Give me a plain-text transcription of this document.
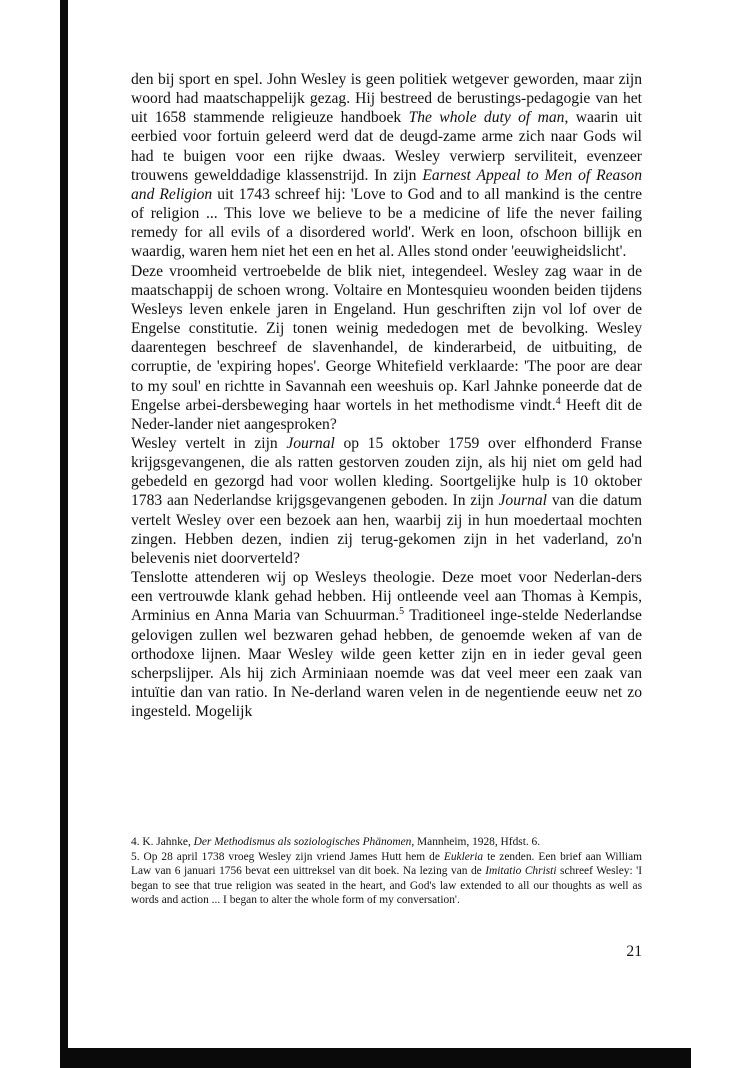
den bij sport en spel. John Wesley is geen politiek wetgever geworden, maar zijn woord had maatschappelijk gezag. Hij bestreed de berustings-pedagogie van het uit 1658 stammende religieuze handboek The whole duty of man, waarin uit eerbied voor fortuin geleerd werd dat de deugd-zame arme zich naar Gods wil had te buigen voor een rijke dwaas. Wesley verwierp serviliteit, evenzeer trouwens gewelddadige klassenstrijd. In zijn Earnest Appeal to Men of Reason and Religion uit 1743 schreef hij: 'Love to God and to all mankind is the centre of religion ... This love we believe to be a medicine of life the never failing remedy for all evils of a disordered world'. Werk en loon, ofschoon billijk en waardig, waren hem niet het een en het al. Alles stond onder 'eeuwigheidslicht'.

Deze vroomheid vertroebelde de blik niet, integendeel. Wesley zag waar in de maatschappij de schoen wrong. Voltaire en Montesquieu woonden beiden tijdens Wesleys leven enkele jaren in Engeland. Hun geschriften zijn vol lof over de Engelse constitutie. Zij tonen weinig mededogen met de bevolking. Wesley daarentegen beschreef de slavenhandel, de kinderarbeid, de uitbuiting, de corruptie, de 'expiring hopes'. George Whitefield verklaarde: 'The poor are dear to my soul' en richtte in Savannah een weeshuis op. Karl Jahnke poneerde dat de Engelse arbei-dersbeweging haar wortels in het methodisme vindt.$^4$ Heeft dit de Neder-lander niet aangesproken?

Wesley vertelt in zijn Journal op 15 oktober 1759 over elfhonderd Franse krijgsgevangenen, die als ratten gestorven zouden zijn, als hij niet om geld had gebedeld en gezorgd had voor wollen kleding. Soortgelijke hulp is 10 oktober 1783 aan Nederlandse krijgsgevangenen geboden. In zijn Journal van die datum vertelt Wesley over een bezoek aan hen, waarbij zij in hun moedertaal mochten zingen. Hebben dezen, indien zij terug-gekomen zijn in het vaderland, zo'n belevenis niet doorverteld?

Tenslotte attenderen wij op Wesleys theologie. Deze moet voor Nederlan-ders een vertrouwde klank gehad hebben. Hij ontleende veel aan Thomas à Kempis, Arminius en Anna Maria van Schuurman.$^5$ Traditioneel inge-stelde Nederlandse gelovigen zullen wel bezwaren gehad hebben, de genoemde weken af van de orthodoxe lijnen. Maar Wesley wilde geen ketter zijn en in ieder geval geen scherpslijper. Als hij zich Arminiaan noemde was dat veel meer een zaak van intuïtie dan van ratio. In Ne-derland waren velen in de negentiende eeuw net zo ingesteld. Mogelijk

4. K. Jahnke, Der Methodismus als soziologisches Phänomen, Mannheim, 1928, Hfdst. 6.

5. Op 28 april 1738 vroeg Wesley zijn vriend James Hutt hem de Eukleria te zenden. Een brief aan William Law van 6 januari 1756 bevat een uittreksel van dit boek. Na lezing van de Imitatio Christi schreef Wesley: 'I began to see that true religion was seated in the heart, and God's law extended to all our thoughts as well as words and action ... I began to alter the whole form of my conversation'.

21
